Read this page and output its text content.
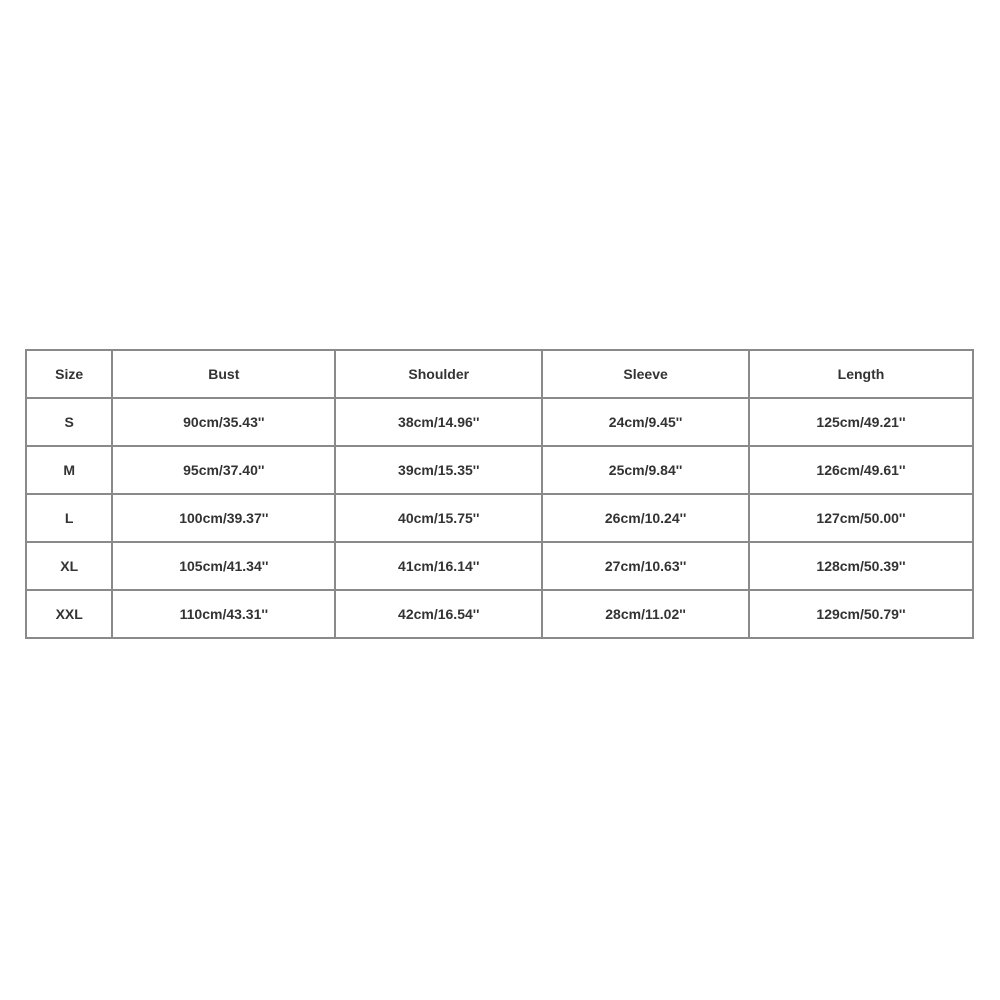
Size	Bust	Shoulder	Sleeve	Length
S	90cm/35.43''	38cm/14.96''	24cm/9.45''	125cm/49.21''
M	95cm/37.40''	39cm/15.35''	25cm/9.84''	126cm/49.61''
L	100cm/39.37''	40cm/15.75''	26cm/10.24''	127cm/50.00''
XL	105cm/41.34''	41cm/16.14''	27cm/10.63''	128cm/50.39''
XXL	110cm/43.31''	42cm/16.54''	28cm/11.02''	129cm/50.79''
